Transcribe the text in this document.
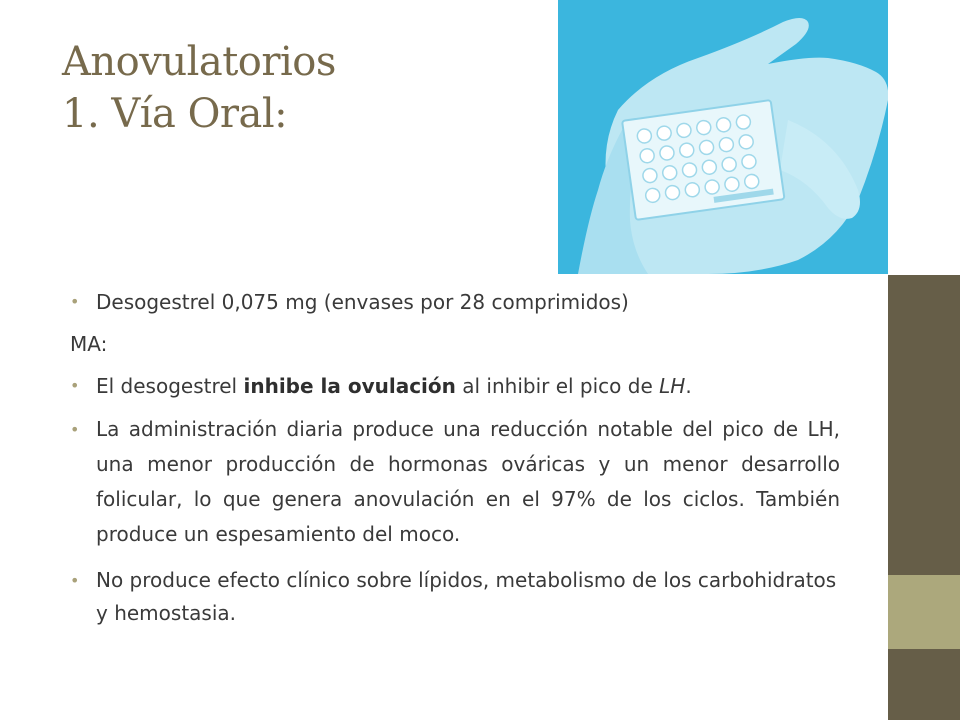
Anovulatorios
1. Vía Oral:

• Desogestrel 0,075 mg (envases por 28 comprimidos)

MA:

• El desogestrel inhibe la ovulación al inhibir el pico de LH.

• La administración diaria produce una reducción notable del pico de LH, una menor producción de hormonas ováricas y un menor desarrollo folicular, lo que genera anovulación en el 97% de los ciclos. También produce un espesamiento del moco.

• No produce efecto clínico sobre lípidos, metabolismo de los carbohidratos y hemostasia.
